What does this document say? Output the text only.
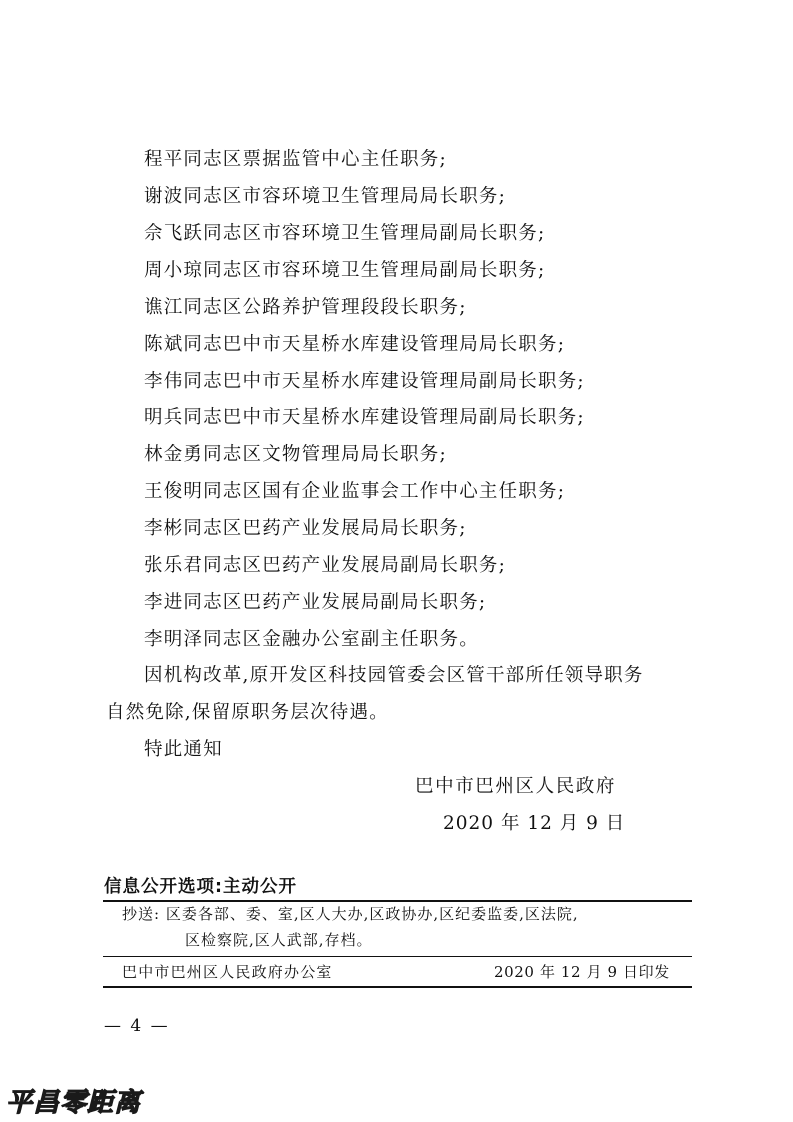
程平同志区票据监管中心主任职务;
谢波同志区市容环境卫生管理局局长职务;
佘飞跃同志区市容环境卫生管理局副局长职务;
周小琼同志区市容环境卫生管理局副局长职务;
谯江同志区公路养护管理段段长职务;
陈斌同志巴中市天星桥水库建设管理局局长职务;
李伟同志巴中市天星桥水库建设管理局副局长职务;
明兵同志巴中市天星桥水库建设管理局副局长职务;
林金勇同志区文物管理局局长职务;
王俊明同志区国有企业监事会工作中心主任职务;
李彬同志区巴药产业发展局局长职务;
张乐君同志区巴药产业发展局副局长职务;
李进同志区巴药产业发展局副局长职务;
李明泽同志区金融办公室副主任职务。
因机构改革,原开发区科技园管委会区管干部所任领导职务
自然免除,保留原职务层次待遇。
特此通知
巴中市巴州区人民政府
2020 年 12 月 9 日
信息公开选项:主动公开
抄送: 区委各部、委、室,区人大办,区政协办,区纪委监委,区法院,
区检察院,区人武部,存档。
巴中市巴州区人民政府办公室	2020 年 12 月 9 日印发
— 4 —
平昌零距离
